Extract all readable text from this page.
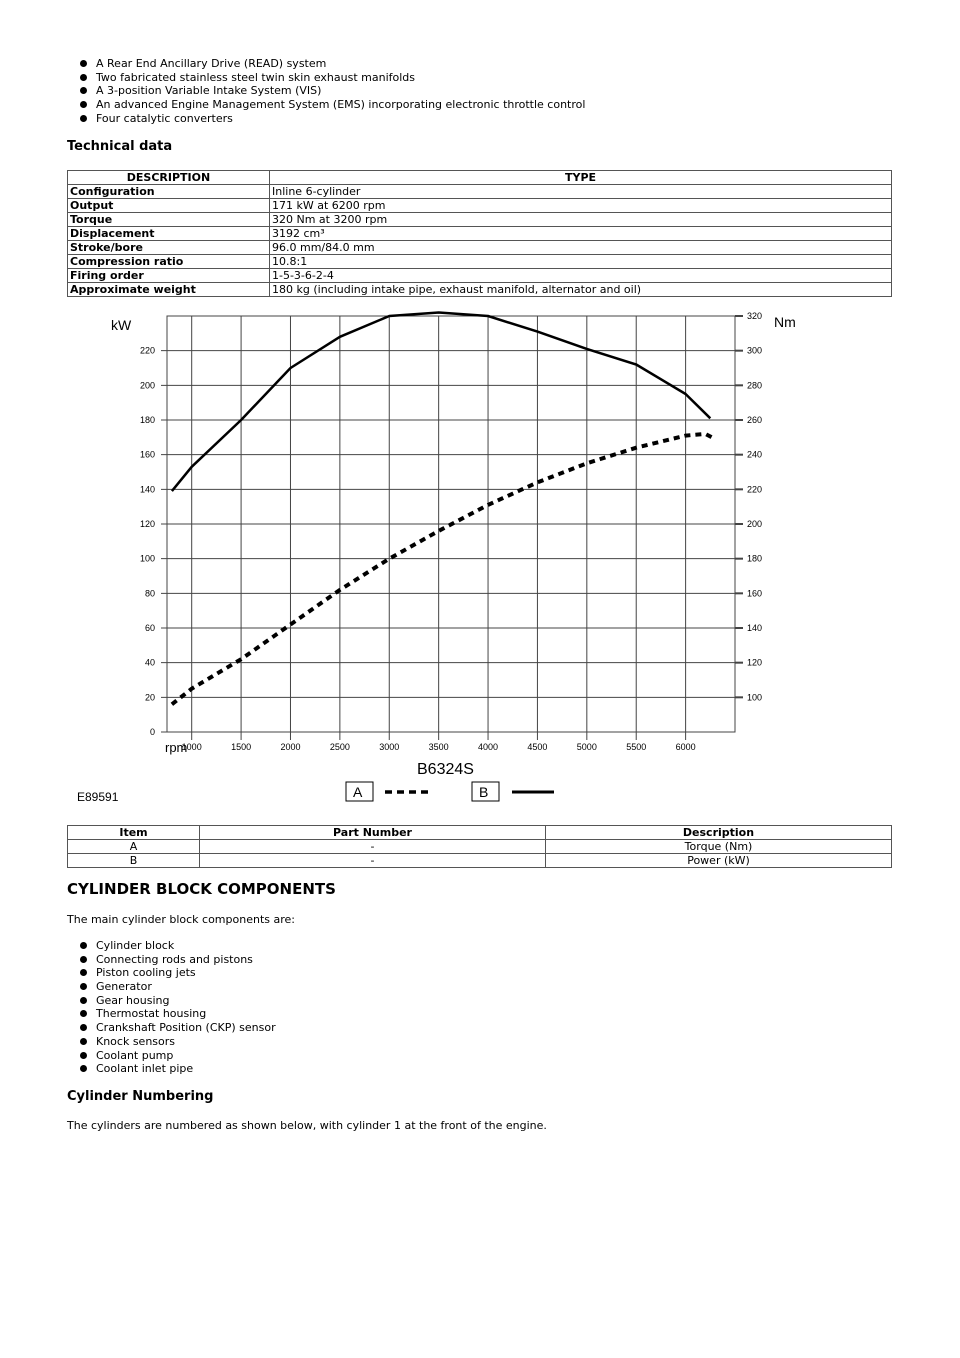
A Rear End Ancillary Drive (READ) system
Two fabricated stainless steel twin skin exhaust manifolds
A 3-position Variable Intake System (VIS)
An advanced Engine Management System (EMS) incorporating electronic throttle control
Four catalytic converters
Technical data
DESCRIPTION	TYPE
Configuration	Inline 6-cylinder
Output	171 kW at 6200 rpm
Torque	320 Nm at 3200 rpm
Displacement	3192 cm³
Stroke/bore	96.0 mm/84.0 mm
Compression ratio	10.8:1
Firing order	1-5-3-6-2-4
Approximate weight	180 kg (including intake pipe, exhaust manifold, alternator and oil)
1000	1500	2000	2500	3000	3500	4000	4500	5000	5500	6000
0
20
40
60
80
100
120
140
160
180
200
220
100
120
140
160
180
200
220
240
260
280
300
320
kW	Nm
rpm
B6324S
E89591	A	B
Item	Part Number	Description
A	-	Torque (Nm)
B	-	Power (kW)
CYLINDER BLOCK COMPONENTS

The main cylinder block components are:

Cylinder block
Connecting rods and pistons
Piston cooling jets
Generator
Gear housing
Thermostat housing
Crankshaft Position (CKP) sensor
Knock sensors
Coolant pump
Coolant inlet pipe
Cylinder Numbering

The cylinders are numbered as shown below, with cylinder 1 at the front of the engine.
